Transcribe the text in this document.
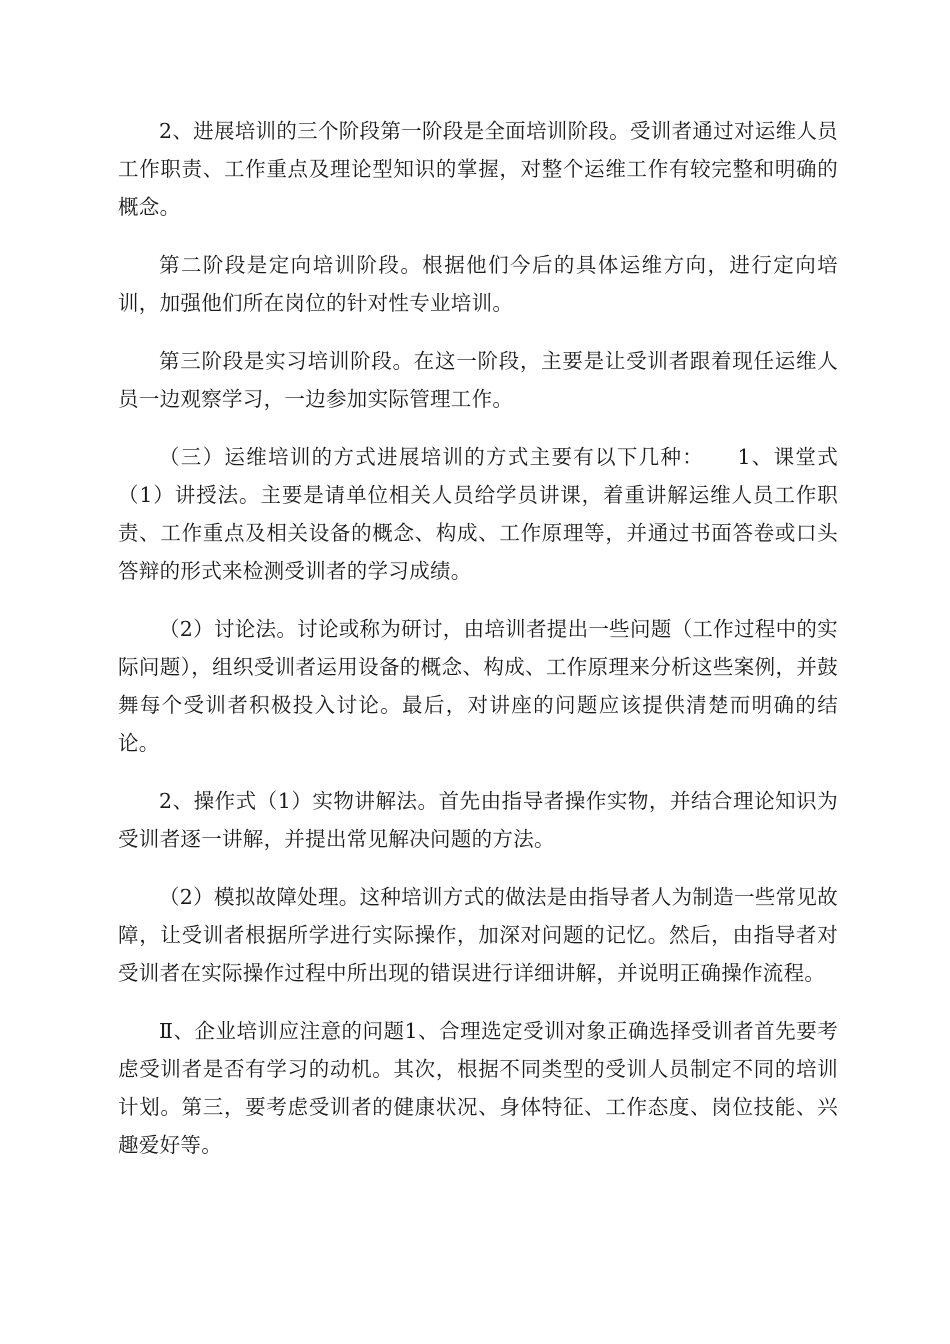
2、进展培训的三个阶段第一阶段是全面培训阶段。受训者通过对运维人员工作职责、工作重点及理论型知识的掌握，对整个运维工作有较完整和明确的概念。

第二阶段是定向培训阶段。根据他们今后的具体运维方向，进行定向培训，加强他们所在岗位的针对性专业培训。

第三阶段是实习培训阶段。在这一阶段，主要是让受训者跟着现任运维人员一边观察学习，一边参加实际管理工作。

（三）运维培训的方式进展培训的方式主要有以下几种：　　1、课堂式（1）讲授法。主要是请单位相关人员给学员讲课，着重讲解运维人员工作职责、工作重点及相关设备的概念、构成、工作原理等，并通过书面答卷或口头答辩的形式来检测受训者的学习成绩。

（2）讨论法。讨论或称为研讨，由培训者提出一些问题（工作过程中的实际问题），组织受训者运用设备的概念、构成、工作原理来分析这些案例，并鼓舞每个受训者积极投入讨论。最后，对讲座的问题应该提供清楚而明确的结论。

2、操作式（1）实物讲解法。首先由指导者操作实物，并结合理论知识为受训者逐一讲解，并提出常见解决问题的方法。

（2）模拟故障处理。这种培训方式的做法是由指导者人为制造一些常见故障，让受训者根据所学进行实际操作，加深对问题的记忆。然后，由指导者对受训者在实际操作过程中所出现的错误进行详细讲解，并说明正确操作流程。

Ⅱ、企业培训应注意的问题1、合理选定受训对象正确选择受训者首先要考虑受训者是否有学习的动机。其次，根据不同类型的受训人员制定不同的培训计划。第三，要考虑受训者的健康状况、身体特征、工作态度、岗位技能、兴趣爱好等。
